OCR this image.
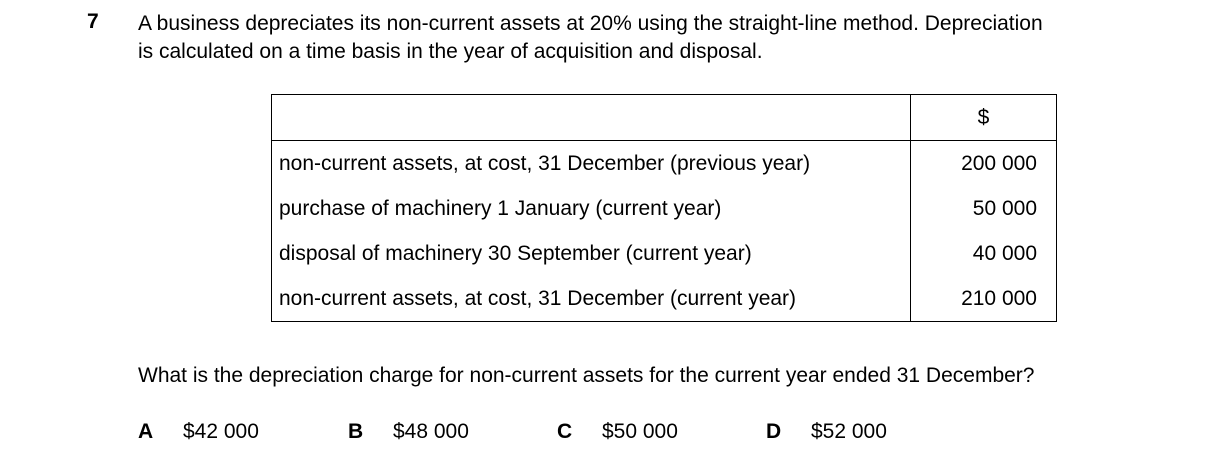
7 A business depreciates its non-current assets at 20% using the straight-line method. Depreciation
is calculated on a time basis in the year of acquisition and disposal.
	$
non-current assets, at cost, 31 December (previous year)	200 000
purchase of machinery 1 January (current year)	50 000
disposal of machinery 30 September (current year)	40 000
non-current assets, at cost, 31 December (current year)	210 000
What is the depreciation charge for non-current assets for the current year ended 31 December?
A $42 000	B $48 000	C $50 000	D $52 000
